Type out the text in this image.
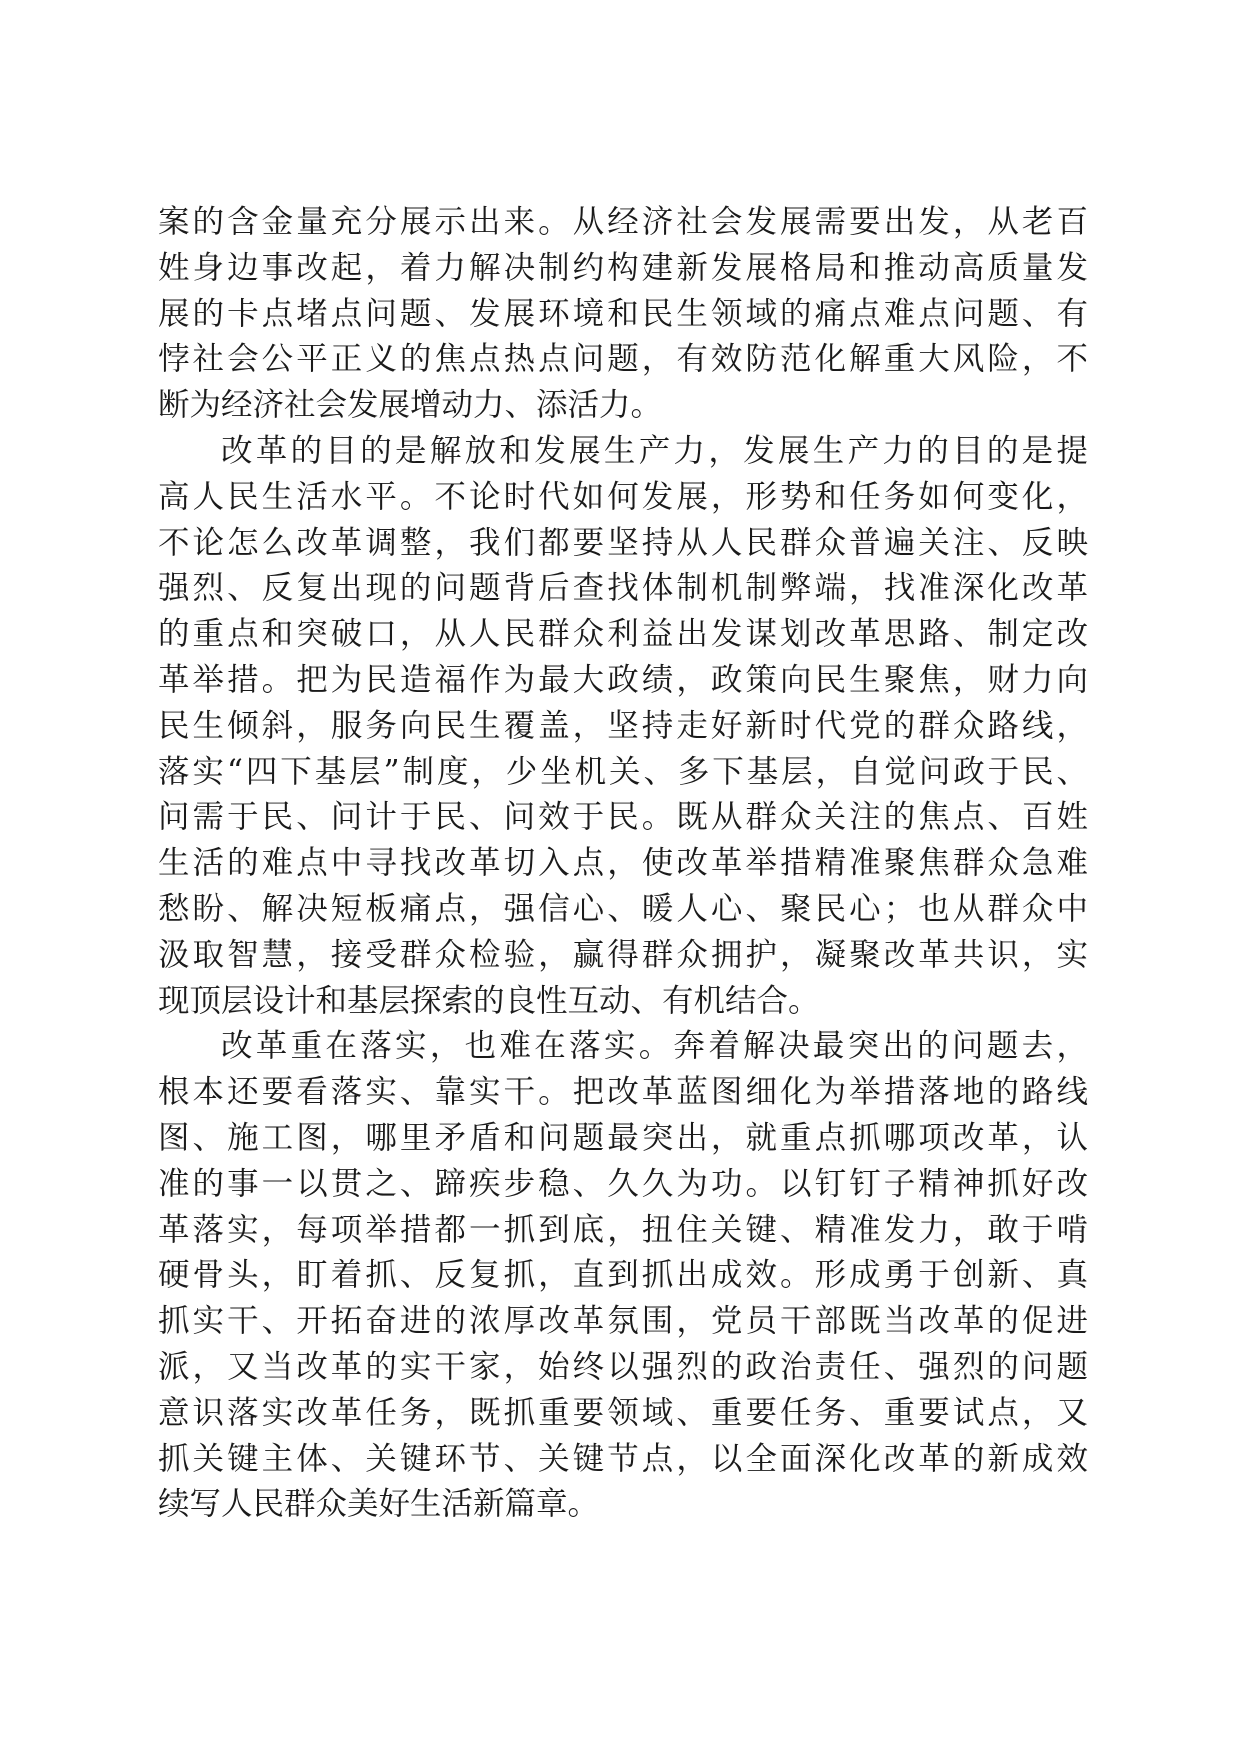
案的含金量充分展示出来。从经济社会发展需要出发，从老百
姓身边事改起，着力解决制约构建新发展格局和推动高质量发
展的卡点堵点问题、发展环境和民生领域的痛点难点问题、有
悖社会公平正义的焦点热点问题，有效防范化解重大风险，不
断为经济社会发展增动力、添活力。
改革的目的是解放和发展生产力，发展生产力的目的是提
高人民生活水平。不论时代如何发展，形势和任务如何变化，
不论怎么改革调整，我们都要坚持从人民群众普遍关注、反映
强烈、反复出现的问题背后查找体制机制弊端，找准深化改革
的重点和突破口，从人民群众利益出发谋划改革思路、制定改
革举措。把为民造福作为最大政绩，政策向民生聚焦，财力向
民生倾斜，服务向民生覆盖，坚持走好新时代党的群众路线，
落实“四下基层”制度，少坐机关、多下基层，自觉问政于民、
问需于民、问计于民、问效于民。既从群众关注的焦点、百姓
生活的难点中寻找改革切入点，使改革举措精准聚焦群众急难
愁盼、解决短板痛点，强信心、暖人心、聚民心；也从群众中
汲取智慧，接受群众检验，赢得群众拥护，凝聚改革共识，实
现顶层设计和基层探索的良性互动、有机结合。
改革重在落实，也难在落实。奔着解决最突出的问题去，
根本还要看落实、靠实干。把改革蓝图细化为举措落地的路线
图、施工图，哪里矛盾和问题最突出，就重点抓哪项改革，认
准的事一以贯之、蹄疾步稳、久久为功。以钉钉子精神抓好改
革落实，每项举措都一抓到底，扭住关键、精准发力，敢于啃
硬骨头，盯着抓、反复抓，直到抓出成效。形成勇于创新、真
抓实干、开拓奋进的浓厚改革氛围，党员干部既当改革的促进
派，又当改革的实干家，始终以强烈的政治责任、强烈的问题
意识落实改革任务，既抓重要领域、重要任务、重要试点，又
抓关键主体、关键环节、关键节点，以全面深化改革的新成效
续写人民群众美好生活新篇章。
